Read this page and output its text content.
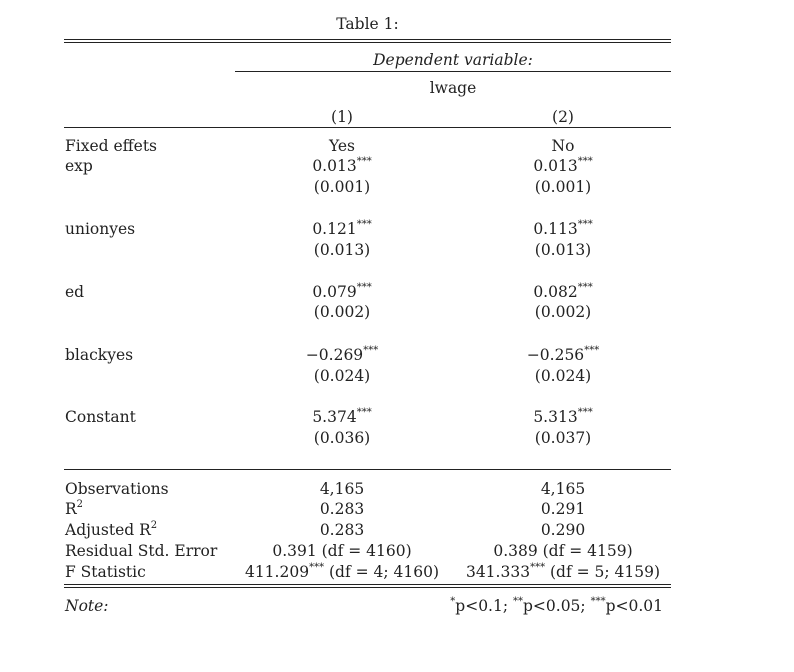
Table 1:
Dependent variable:
lwage
(1)	(2)
Fixed effets	Yes	No
exp	0.013***	0.013***
(0.001)	(0.001)
unionyes	0.121***	0.113***
(0.013)	(0.013)
ed	0.079***	0.082***
(0.002)	(0.002)
blackyes	−0.269***	−0.256***
(0.024)	(0.024)
Constant	5.374***	5.313***
(0.036)	(0.037)
Observations	4,165	4,165
$R^2$	0.283	0.291
Adjusted $R^2$	0.283	0.290
Residual Std. Error	0.391 (df = 4160)	0.389 (df = 4159)
F Statistic	411.209*** (df = 4; 4160)	341.333*** (df = 5; 4159)
Note:	*p<0.1; **p<0.05; ***p<0.01
